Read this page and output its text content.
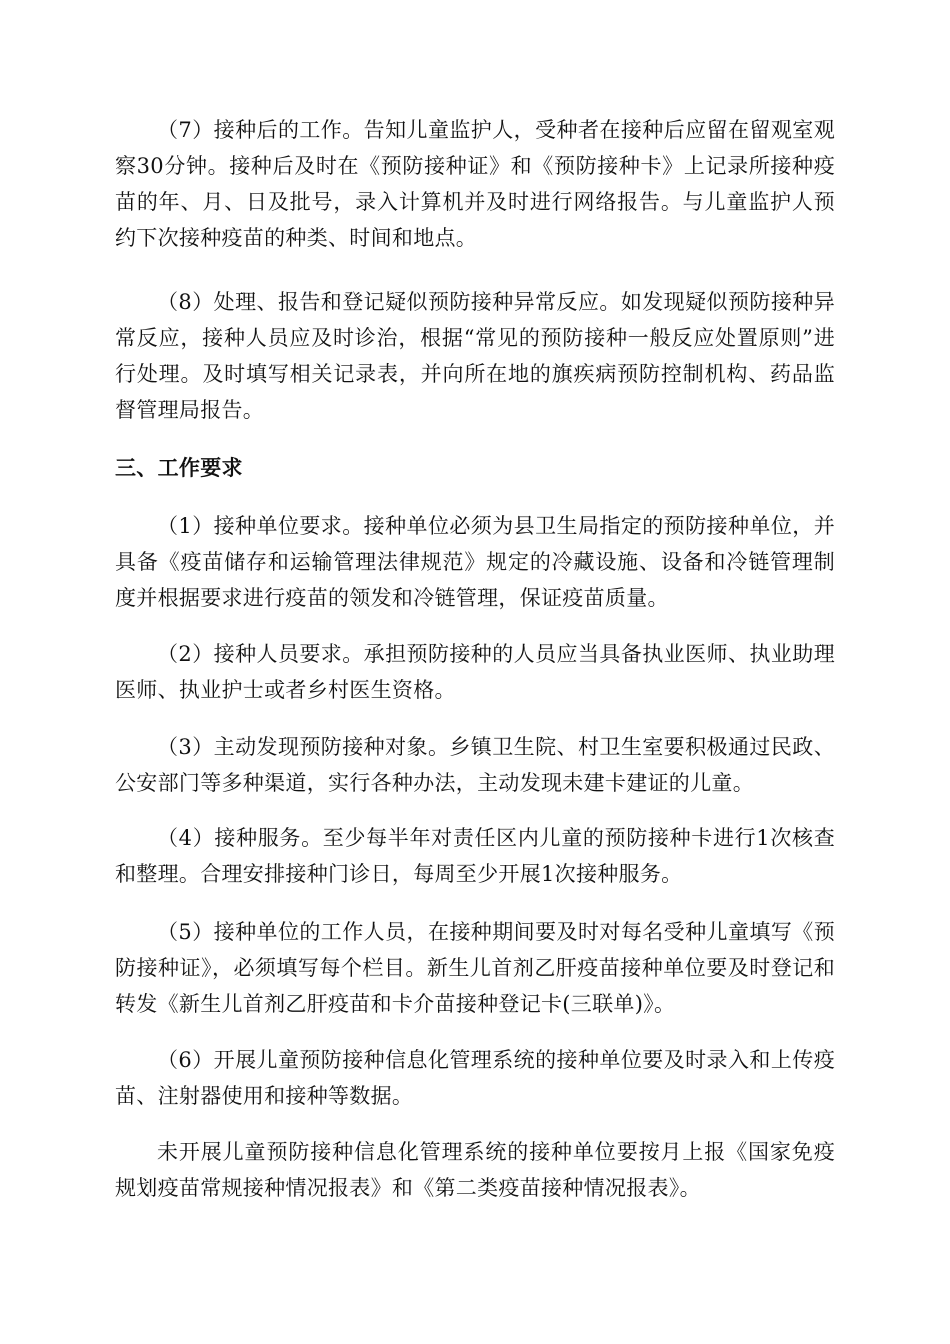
（7）接种后的工作。告知儿童监护人，受种者在接种后应留在留观室观察30分钟。接种后及时在《预防接种证》和《预防接种卡》上记录所接种疫苗的年、月、日及批号，录入计算机并及时进行网络报告。与儿童监护人预约下次接种疫苗的种类、时间和地点。

（8）处理、报告和登记疑似预防接种异常反应。如发现疑似预防接种异常反应，接种人员应及时诊治，根据“常见的预防接种一般反应处置原则”进行处理。及时填写相关记录表，并向所在地的旗疾病预防控制机构、药品监督管理局报告。

三、工作要求

（1）接种单位要求。接种单位必须为县卫生局指定的预防接种单位，并具备《疫苗储存和运输管理法律规范》规定的冷藏设施、设备和冷链管理制度并根据要求进行疫苗的领发和冷链管理，保证疫苗质量。

（2）接种人员要求。承担预防接种的人员应当具备执业医师、执业助理医师、执业护士或者乡村医生资格。

（3）主动发现预防接种对象。乡镇卫生院、村卫生室要积极通过民政、公安部门等多种渠道，实行各种办法，主动发现未建卡建证的儿童。

（4）接种服务。至少每半年对责任区内儿童的预防接种卡进行1次核查和整理。合理安排接种门诊日，每周至少开展1次接种服务。

（5）接种单位的工作人员，在接种期间要及时对每名受种儿童填写《预防接种证》，必须填写每个栏目。新生儿首剂乙肝疫苗接种单位要及时登记和转发《新生儿首剂乙肝疫苗和卡介苗接种登记卡(三联单)》。

（6）开展儿童预防接种信息化管理系统的接种单位要及时录入和上传疫苗、注射器使用和接种等数据。

未开展儿童预防接种信息化管理系统的接种单位要按月上报《国家免疫规划疫苗常规接种情况报表》和《第二类疫苗接种情况报表》。
